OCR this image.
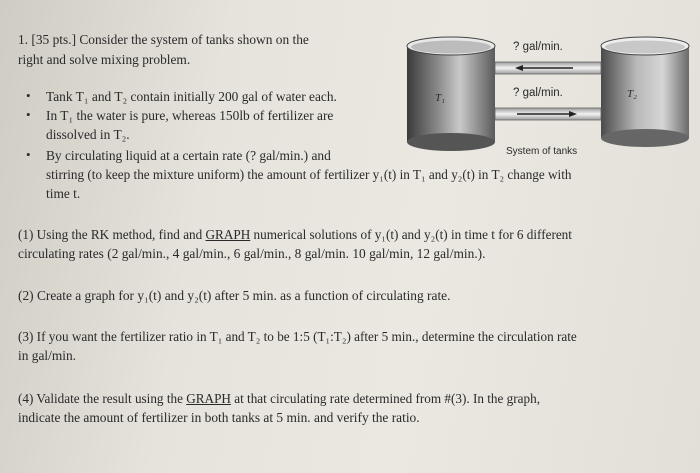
1. [35 pts.] Consider the system of tanks shown on the
right and solve mixing problem.
• Tank T₁ and T₂ contain initially 200 gal of water each.
• In T₁ the water is pure, whereas 150lb of fertilizer are
dissolved in T₂.
• By circulating liquid at a certain rate (? gal/min.) and
stirring (to keep the mixture uniform) the amount of fertilizer y₁(t) in T₁ and y₂(t) in T₂ change with
time t.
(1) Using the RK method, find and GRAPH numerical solutions of y₁(t) and y₂(t) in time t for 6 different
circulating rates (2 gal/min., 4 gal/min., 6 gal/min., 8 gal/min. 10 gal/min, 12 gal/min.).
(2) Create a graph for y₁(t) and y₂(t) after 5 min. as a function of circulating rate.
(3) If you want the fertilizer ratio in T₁ and T₂ to be 1:5 (T₁:T₂) after 5 min., determine the circulation rate
in gal/min.
(4) Validate the result using the GRAPH at that circulating rate determined from #(3). In the graph,
indicate the amount of fertilizer in both tanks at 5 min. and verify the ratio.
? gal/min.
? gal/min.
T₁	T₂
System of tanks
